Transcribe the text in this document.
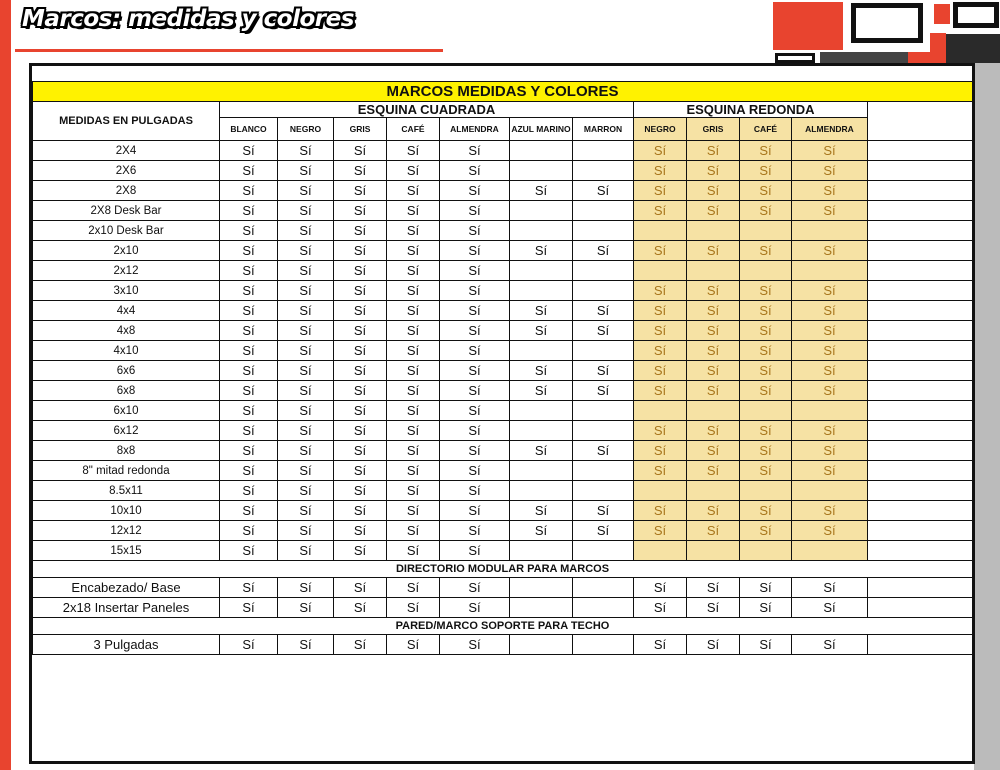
Marcos: medidas y colores
MARCOS MEDIDAS Y COLORES												
MEDIDAS EN PULGADAS	ESQUINA CUADRADA							ESQUINA REDONDA				
	BLANCO	NEGRO	GRIS	CAFÉ	ALMENDRA	AZUL MARINO	MARRON	NEGRO	GRIS	CAFÉ	ALMENDRA	
2X4	Sí	Sí	Sí	Sí	Sí			Sí	Sí	Sí	Sí	
2X6	Sí	Sí	Sí	Sí	Sí			Sí	Sí	Sí	Sí	
2X8	Sí	Sí	Sí	Sí	Sí	Sí	Sí	Sí	Sí	Sí	Sí	
2X8 Desk Bar	Sí	Sí	Sí	Sí	Sí			Sí	Sí	Sí	Sí	
2x10 Desk Bar	Sí	Sí	Sí	Sí	Sí							
2x10	Sí	Sí	Sí	Sí	Sí	Sí	Sí	Sí	Sí	Sí	Sí	
2x12	Sí	Sí	Sí	Sí	Sí							
3x10	Sí	Sí	Sí	Sí	Sí			Sí	Sí	Sí	Sí	
4x4	Sí	Sí	Sí	Sí	Sí	Sí	Sí	Sí	Sí	Sí	Sí	
4x8	Sí	Sí	Sí	Sí	Sí	Sí	Sí	Sí	Sí	Sí	Sí	
4x10	Sí	Sí	Sí	Sí	Sí			Sí	Sí	Sí	Sí	
6x6	Sí	Sí	Sí	Sí	Sí	Sí	Sí	Sí	Sí	Sí	Sí	
6x8	Sí	Sí	Sí	Sí	Sí	Sí	Sí	Sí	Sí	Sí	Sí	
6x10	Sí	Sí	Sí	Sí	Sí							
6x12	Sí	Sí	Sí	Sí	Sí			Sí	Sí	Sí	Sí	
8x8	Sí	Sí	Sí	Sí	Sí	Sí	Sí	Sí	Sí	Sí	Sí	
8" mitad redonda	Sí	Sí	Sí	Sí	Sí			Sí	Sí	Sí	Sí	
8.5x11	Sí	Sí	Sí	Sí	Sí							
10x10	Sí	Sí	Sí	Sí	Sí	Sí	Sí	Sí	Sí	Sí	Sí	
12x12	Sí	Sí	Sí	Sí	Sí	Sí	Sí	Sí	Sí	Sí	Sí	
15x15	Sí	Sí	Sí	Sí	Sí							
DIRECTORIO MODULAR PARA MARCOS												
Encabezado/ Base	Sí	Sí	Sí	Sí	Sí			Sí	Sí	Sí	Sí	
2x18 Insertar Paneles	Sí	Sí	Sí	Sí	Sí			Sí	Sí	Sí	Sí	
PARED/MARCO SOPORTE PARA TECHO												
3 Pulgadas	Sí	Sí	Sí	Sí	Sí			Sí	Sí	Sí	Sí	
